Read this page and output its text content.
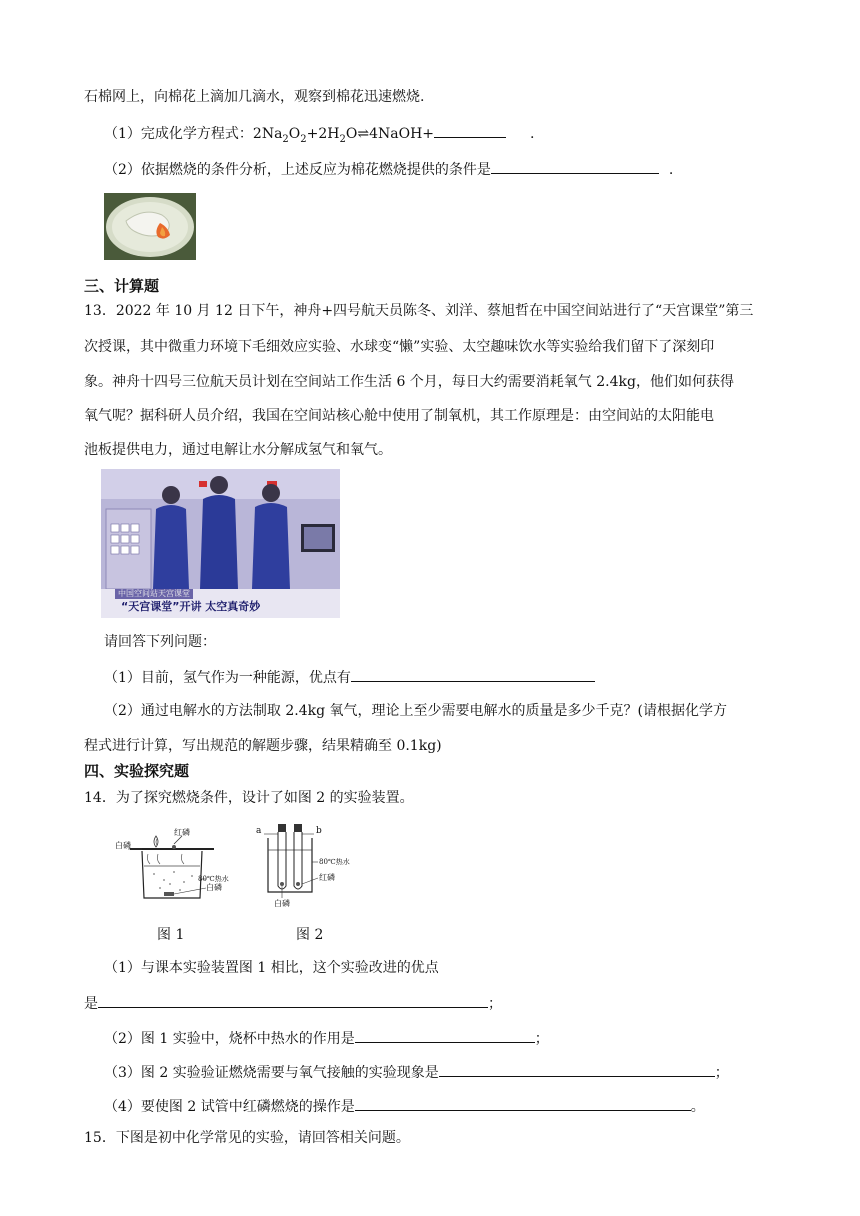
石棉网上，向棉花上滴加几滴水，观察到棉花迅速燃烧.
（1）完成化学方程式：$2Na_2O_2+2H_2O\rightleftharpoons 4NaOH+$	.
（2）依据燃烧的条件分析，上述反应为棉花燃烧提供的条件是	.
三、计算题
13．2022 年 10 月 12 日下午，神舟+四号航天员陈冬、刘洋、蔡旭哲在中国空间站进行了“天宫课堂”第三
次授课，其中微重力环境下毛细效应实验、水球变“懒”实验、太空趣味饮水等实验给我们留下了深刻印
象。神舟十四号三位航天员计划在空间站工作生活 6 个月，每日大约需要消耗氧气 2.4kg，他们如何获得
氧气呢？据科研人员介绍，我国在空间站核心舱中使用了制氧机，其工作原理是：由空间站的太阳能电
池板提供电力，通过电解让水分解成氢气和氧气。
中国空间站天宫课堂
“天宫课堂”开讲 太空真奇妙
请回答下列问题：
（1）目前，氢气作为一种能源，优点有
（2）通过电解水的方法制取 2.4kg 氧气，理论上至少需要电解水的质量是多少千克？(请根据化学方
程式进行计算，写出规范的解题步骤，结果精确至 0.1kg)
四、实验探究题
14．为了探究燃烧条件，设计了如图 2 的实验装置。
白磷
红磷
80℃热水
白磷
a	b
80℃热水
红磷
白磷
图 1	图 2
（1）与课本实验装置图 1 相比，这个实验改进的优点
是	；
（2）图 1 实验中，烧杯中热水的作用是	；
（3）图 2 实验验证燃烧需要与氧气接触的实验现象是	；
（4）要使图 2 试管中红磷燃烧的操作是	。
15．下图是初中化学常见的实验，请回答相关问题。
